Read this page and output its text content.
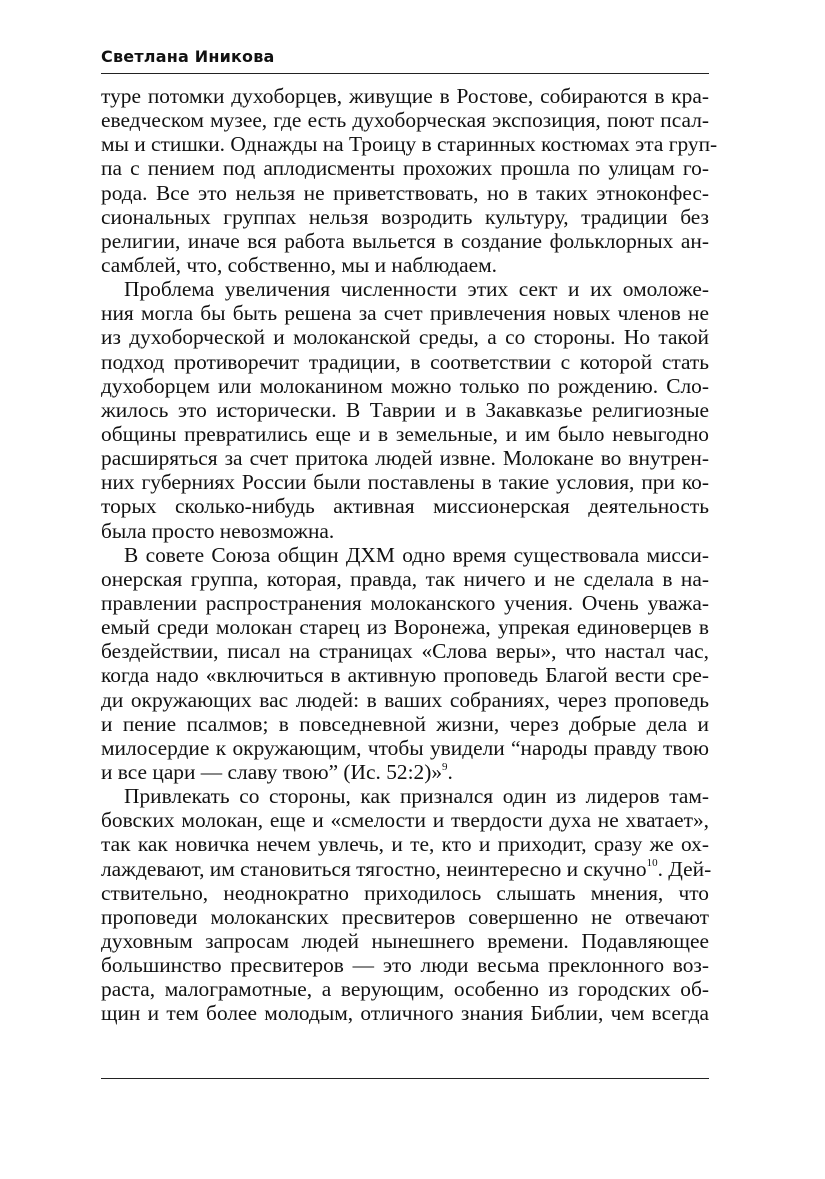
Светлана Иникова
туре потомки духоборцев, живущие в Ростове, собираются в кра-
еведческом музее, где есть духоборческая экспозиция, поют псал-
мы и стишки. Однажды на Троицу в старинных костюмах эта груп-
па с пением под аплодисменты прохожих прошла по улицам го-
рода. Все это нельзя не приветствовать, но в таких этноконфес-
сиональных группах нельзя возродить культуру, традиции без
религии, иначе вся работа выльется в создание фольклорных ан-
самблей, что, собственно, мы и наблюдаем.
Проблема увеличения численности этих сект и их омоложе-
ния могла бы быть решена за счет привлечения новых членов не
из духоборческой и молоканской среды, а со стороны. Но такой
подход противоречит традиции, в соответствии с которой стать
духоборцем или молоканином можно только по рождению. Сло-
жилось это исторически. В Таврии и в Закавказье религиозные
общины превратились еще и в земельные, и им было невыгодно
расширяться за счет притока людей извне. Молокане во внутрен-
них губерниях России были поставлены в такие условия, при ко-
торых сколько-нибудь активная миссионерская деятельность
была просто невозможна.
В совете Союза общин ДХМ одно время существовала мисси-
онерская группа, которая, правда, так ничего и не сделала в на-
правлении распространения молоканского учения. Очень уважа-
емый среди молокан старец из Воронежа, упрекая единоверцев в
бездействии, писал на страницах «Слова веры», что настал час,
когда надо «включиться в активную проповедь Благой вести сре-
ди окружающих вас людей: в ваших собраниях, через проповедь
и пение псалмов; в повседневной жизни, через добрые дела и
милосердие к окружающим, чтобы увидели “народы правду твою
и все цари — славу твою” (Ис. 52:2)»$^9$.
Привлекать со стороны, как признался один из лидеров там-
бовских молокан, еще и «смелости и твердости духа не хватает»,
так как новичка нечем увлечь, и те, кто и приходит, сразу же ох-
лаждевают, им становиться тягостно, неинтересно и скучно$^{10}$. Дей-
ствительно, неоднократно приходилось слышать мнения, что
проповеди молоканских пресвитеров совершенно не отвечают
духовным запросам людей нынешнего времени. Подавляющее
большинство пресвитеров — это люди весьма преклонного воз-
раста, малограмотные, а верующим, особенно из городских об-
щин и тем более молодым, отличного знания Библии, чем всегда
